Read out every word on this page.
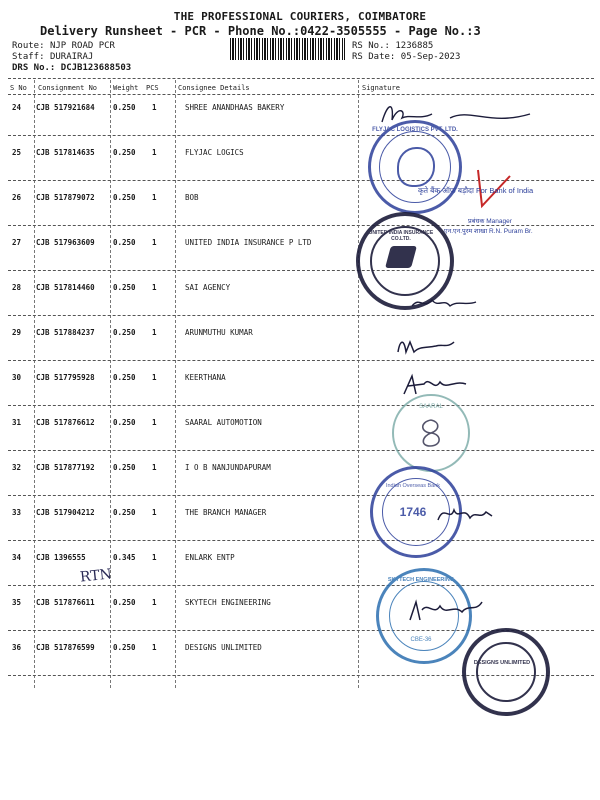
THE PROFESSIONAL COURIERS, COIMBATORE
Delivery Runsheet - PCR - Phone No.:0422-3505555 - Page No.:3
Route: NJP ROAD PCR
Staff: DURAIRAJ
DRS No.: DCJB123688503
RS No.: 1236885
RS Date: 05-Sep-2023
S No Consignment No Weight PCS	Consignee Details	Signature
24 CJB 517921684 0.250 1	SHREE ANANDHAAS BAKERY
25 CJB 517814635 0.250 1	FLYJAC LOGICS
26 CJB 517879072 0.250 1	BOB
27 CJB 517963609 0.250 1	UNITED INDIA INSURANCE P LTD
28 CJB 517814460 0.250 1	SAI AGENCY
29 CJB 517884237 0.250 1	ARUNMUTHU KUMAR
30 CJB 517795928 0.250 1	KEERTHANA
31 CJB 517876612 0.250 1	SAARAL AUTOMOTION
32 CJB 517877192 0.250 1	I O B NANJUNDAPURAM
33 CJB 517904212 0.250 1	THE BRANCH MANAGER
34 CJB 1396555	0.345 1	ENLARK ENTP
35 CJB 517876611 0.250 1	SKYTECH ENGINEERING
36 CJB 517876599 0.250 1	DESIGNS UNLIMITED
RTN
FLYJAC LOGISTICS PVT. LTD.
कृते बैंक ऑफ़ बड़ौदा For Bank of India
प्रबंधक Manager
एन.एन.पुरम शाखा R.N. Puram Br.
UNITED INDIA INSURANCE CO.LTD.
SAARAL
Indian Overseas Bank
1746
SKYTECH ENGINEERING
CBE-36
DESIGNS UNLIMITED
